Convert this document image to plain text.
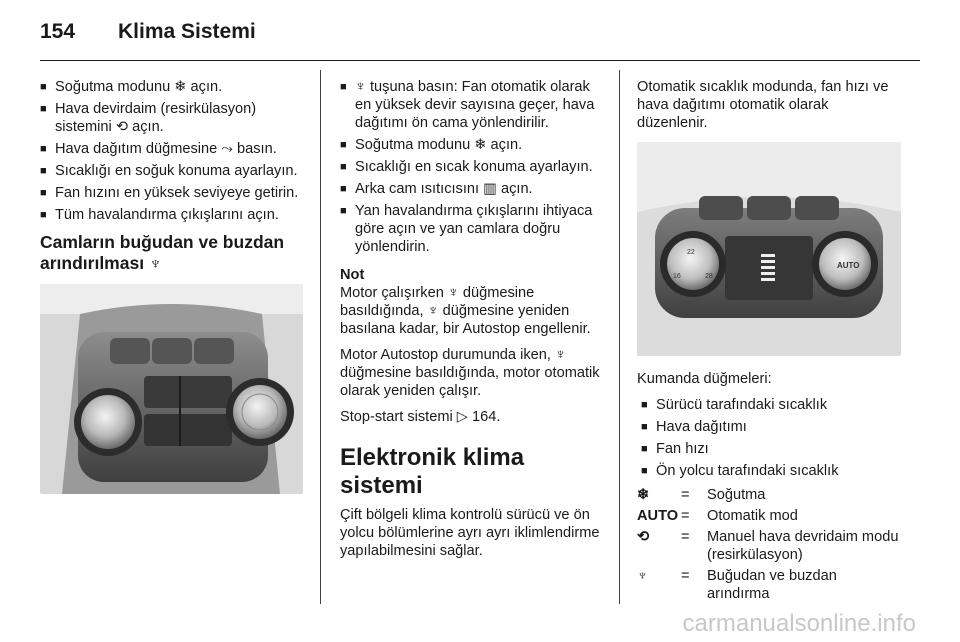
154 Klima Sistemi
■ Soğutma modunu ❄ açın.
■ Hava devirdaim (resirkülasyon) sistemini ⟲ açın.
■ Hava dağıtım düğmesine ⤳ basın.
■ Sıcaklığı en soğuk konuma ayarlayın.
■ Fan hızını en yüksek seviyeye getirin.
■ Tüm havalandırma çıkışlarını açın.
Camların buğudan ve buzdan arındırılması ♆
■ ♆ tuşuna basın: Fan otomatik olarak en yüksek devir sayısına geçer, hava dağıtımı ön cama yönlendirilir.
■ Soğutma modunu ❄ açın.
■ Sıcaklığı en sıcak konuma ayarlayın.
■ Arka cam ısıtıcısını ▥ açın.
■ Yan havalandırma çıkışlarını ihtiyaca göre açın ve yan camlara doğru yönlendirin.
Not

Motor çalışırken ♆ düğmesine basıldığında, ♆ düğmesine yeniden basılana kadar, bir Autostop engellenir.

Motor Autostop durumunda iken, ♆ düğmesine basıldığında, motor otomatik olarak yeniden çalışır.

Stop-start sistemi ▷ 164.

Elektronik klima sistemi

Çift bölgeli klima kontrolü sürücü ve ön yolcu bölümlerine ayrı ayrı iklimlendirme yapılabilmesini sağlar.

Otomatik sıcaklık modunda, fan hızı ve hava dağıtımı otomatik olarak düzenlenir.

AUTO
22
16	28

Kumanda düğmeleri:

■ Sürücü tarafındaki sıcaklık
■ Hava dağıtımı
■ Fan hızı
■ Ön yolcu tarafındaki sıcaklık
❄	=	Soğutma
AUTO	=	Otomatik mod
⟲	=	Manuel hava devridaim modu (resirkülasyon)
♆	=	Buğudan ve buzdan arındırma
carmanualsonline.info
